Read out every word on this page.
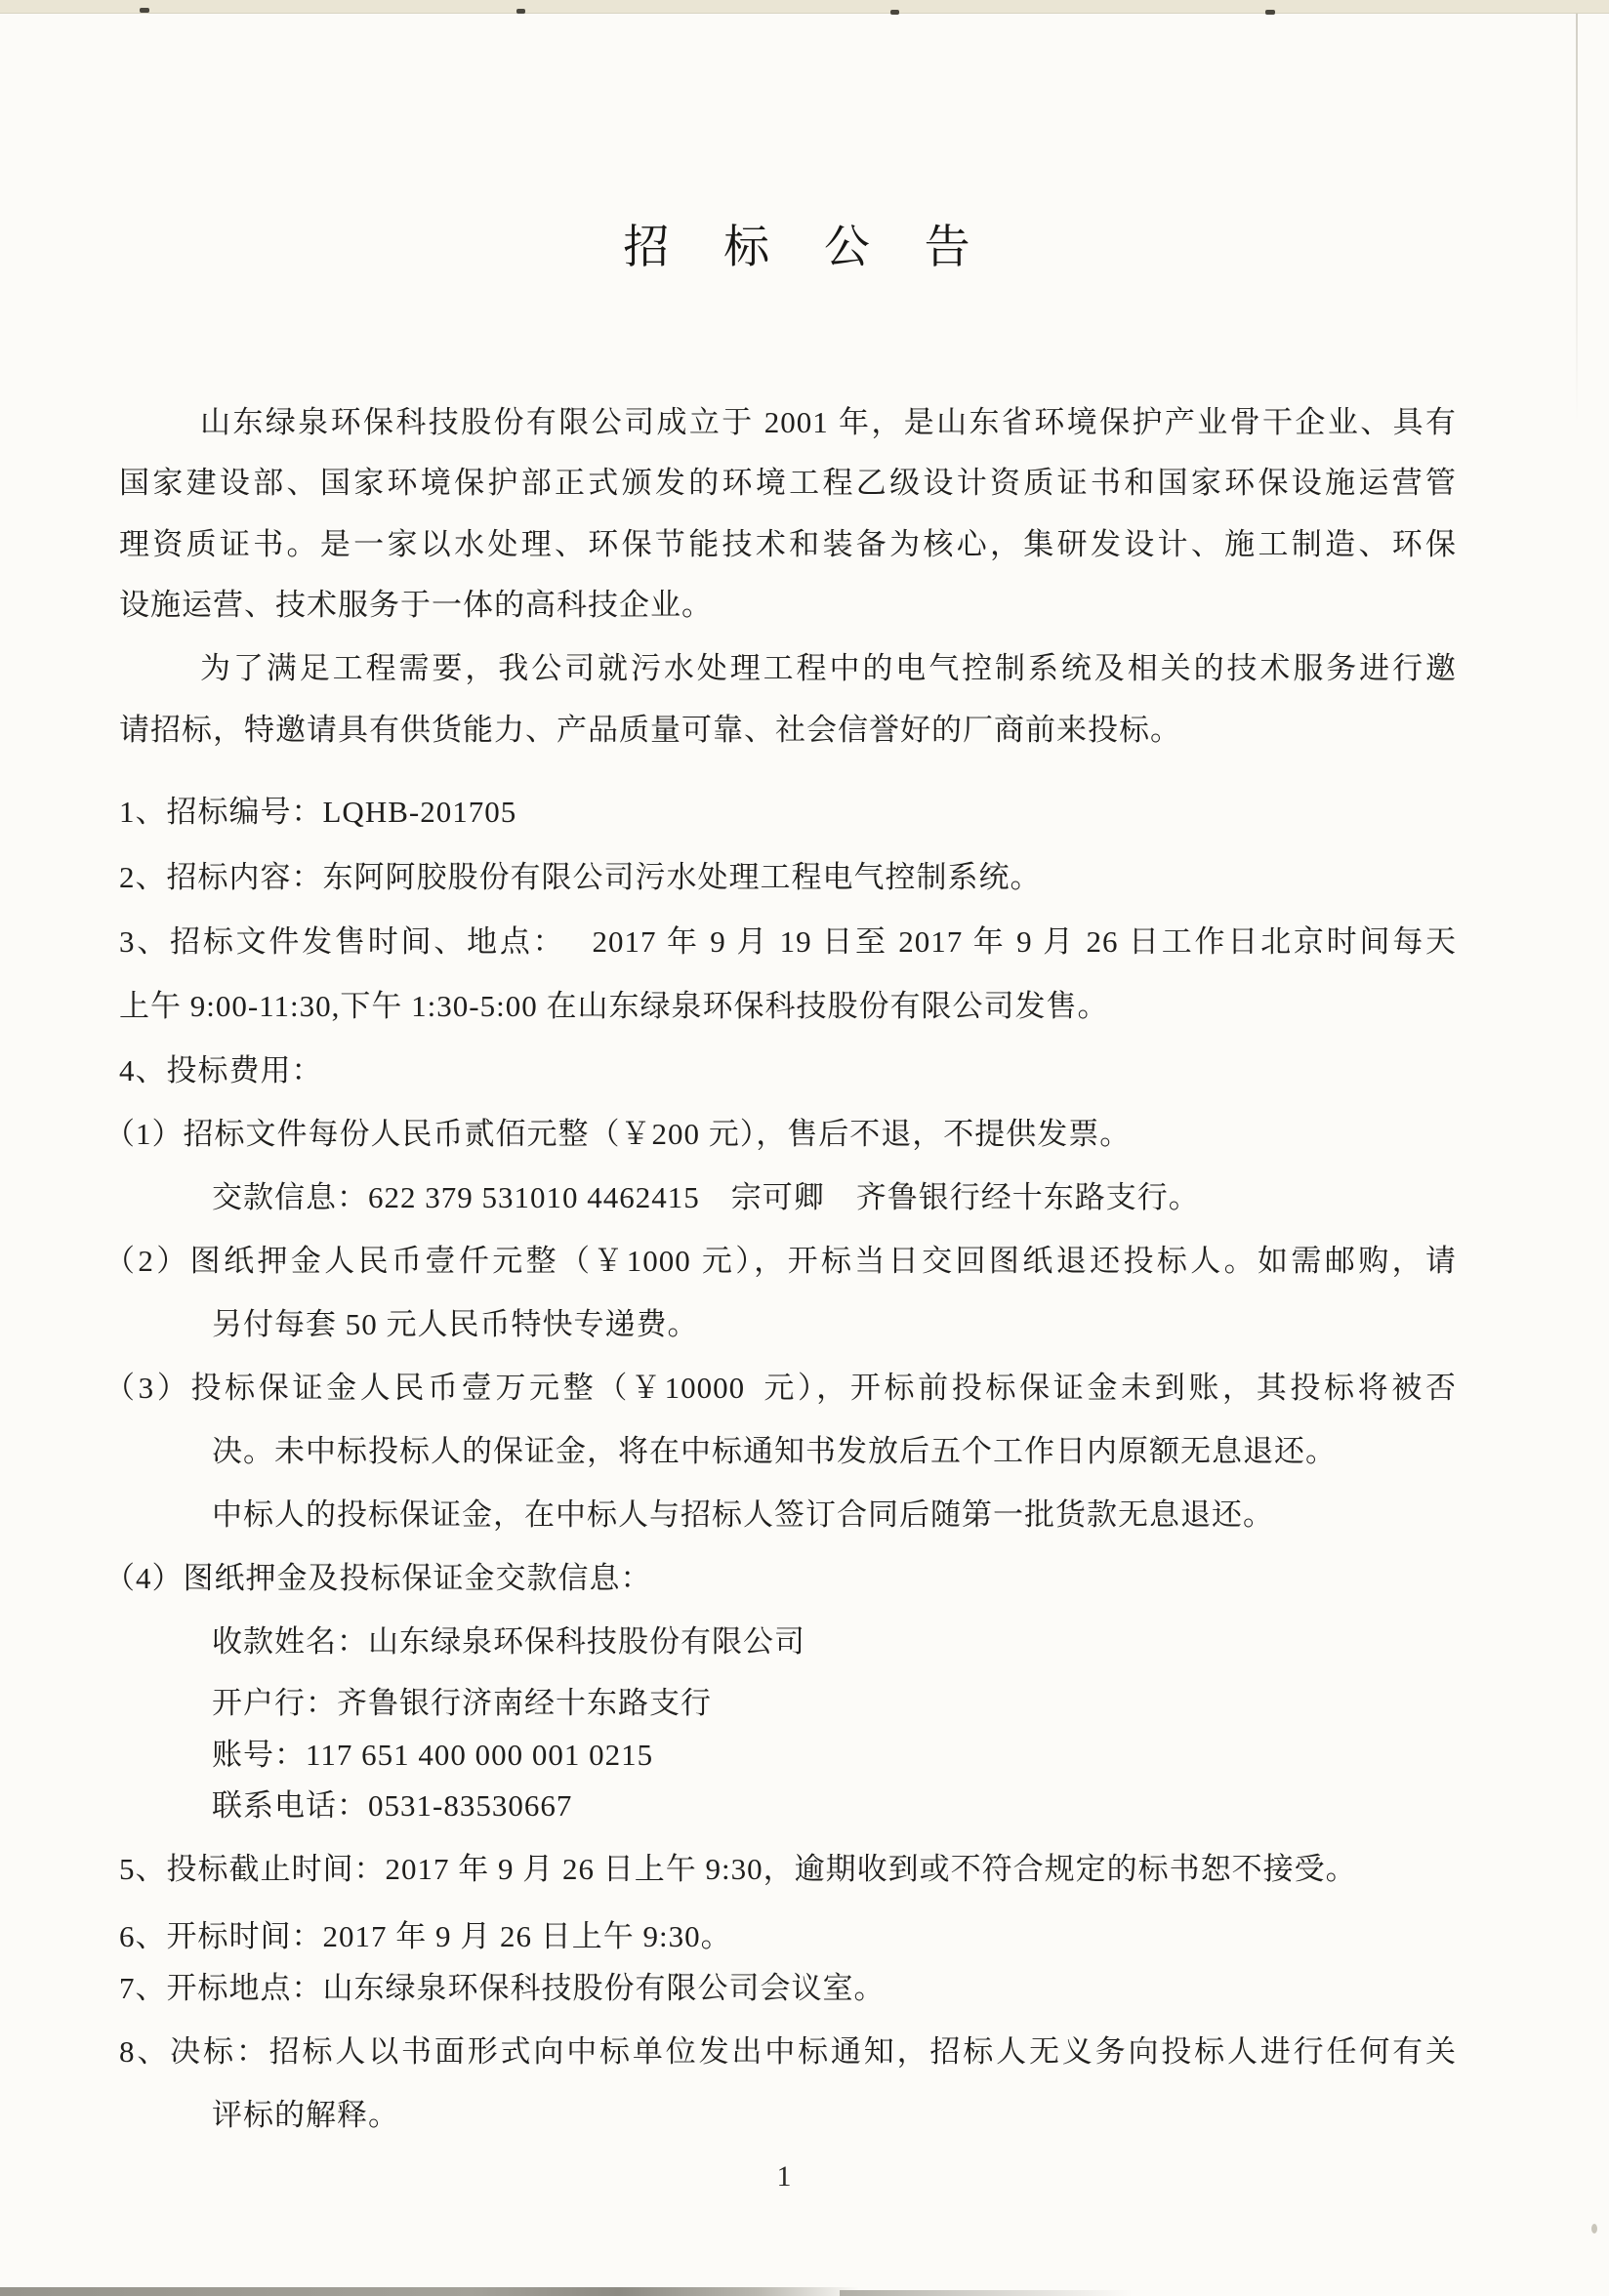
招 标 公 告
山东绿泉环保科技股份有限公司成立于 2001 年，是山东省环境保护产业骨干企业、具有
国家建设部、国家环境保护部正式颁发的环境工程乙级设计资质证书和国家环保设施运营管
理资质证书。是一家以水处理、环保节能技术和装备为核心，集研发设计、施工制造、环保
设施运营、技术服务于一体的高科技企业。
为了满足工程需要，我公司就污水处理工程中的电气控制系统及相关的技术服务进行邀
请招标，特邀请具有供货能力、产品质量可靠、社会信誉好的厂商前来投标。
1、招标编号：LQHB-201705
2、招标内容：东阿阿胶股份有限公司污水处理工程电气控制系统。
3、招标文件发售时间、地点：  2017 年 9 月 19 日至 2017 年 9 月 26 日工作日北京时间每天
上午 9:00-11:30,下午 1:30-5:00 在山东绿泉环保科技股份有限公司发售。
4、投标费用：
（1）招标文件每份人民币贰佰元整（￥200 元），售后不退，不提供发票。
交款信息：622 379 531010 4462415　宗可卿　齐鲁银行经十东路支行。
（2）图纸押金人民币壹仟元整（￥1000 元），开标当日交回图纸退还投标人。如需邮购，请
另付每套 50 元人民币特快专递费。
（3）投标保证金人民币壹万元整（￥10000 元），开标前投标保证金未到账，其投标将被否
决。未中标投标人的保证金，将在中标通知书发放后五个工作日内原额无息退还。
中标人的投标保证金，在中标人与招标人签订合同后随第一批货款无息退还。
（4）图纸押金及投标保证金交款信息：
收款姓名：山东绿泉环保科技股份有限公司
开户行：齐鲁银行济南经十东路支行
账号：117 651 400 000 001 0215
联系电话：0531-83530667
5、投标截止时间：2017 年 9 月 26 日上午 9:30，逾期收到或不符合规定的标书恕不接受。
6、开标时间：2017 年 9 月 26 日上午 9:30。
7、开标地点：山东绿泉环保科技股份有限公司会议室。
8、决标：招标人以书面形式向中标单位发出中标通知，招标人无义务向投标人进行任何有关
评标的解释。
1
